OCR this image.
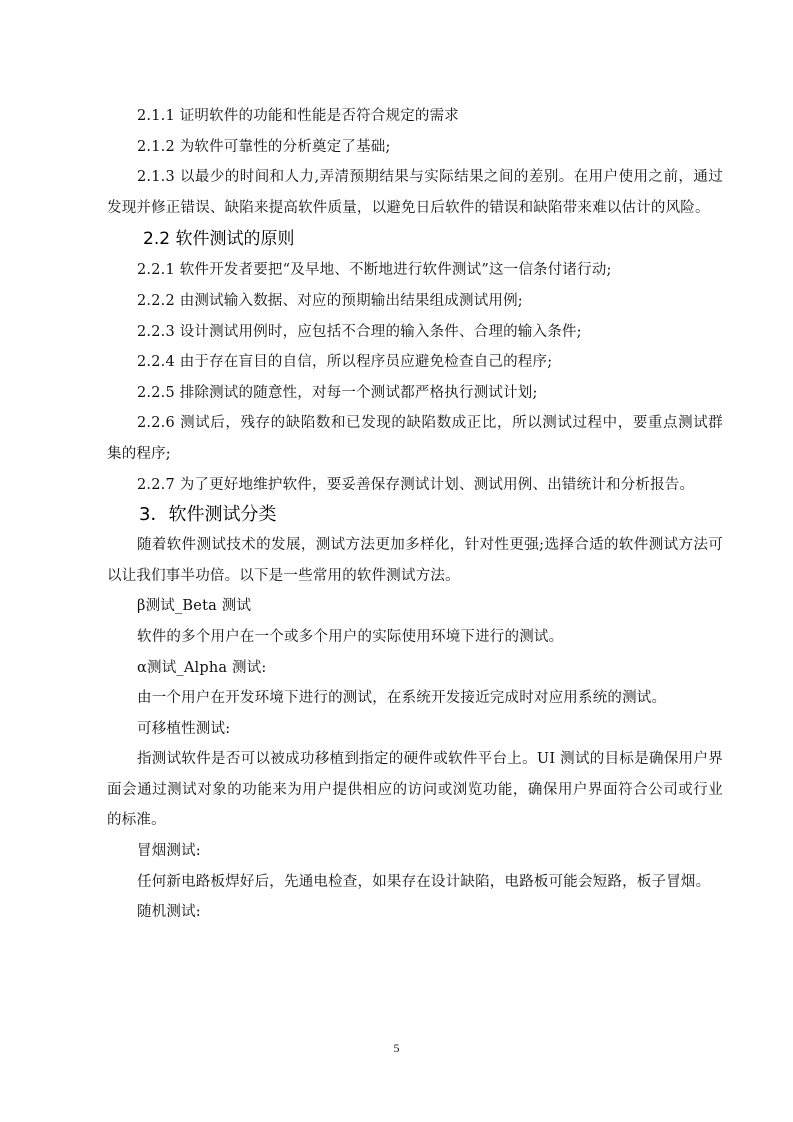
2.1.1 证明软件的功能和性能是否符合规定的需求

2.1.2 为软件可靠性的分析奠定了基础;

2.1.3 以最少的时间和人力,弄清预期结果与实际结果之间的差别。在用户使用之前，通过发现并修正错误、缺陷来提高软件质量，以避免日后软件的错误和缺陷带来难以估计的风险。

2.2 软件测试的原则

2.2.1 软件开发者要把“及早地、不断地进行软件测试”这一信条付诸行动;

2.2.2 由测试输入数据、对应的预期输出结果组成测试用例;

2.2.3 设计测试用例时，应包括不合理的输入条件、合理的输入条件;

2.2.4 由于存在盲目的自信，所以程序员应避免检查自己的程序;

2.2.5 排除测试的随意性，对每一个测试都严格执行测试计划;

2.2.6 测试后，残存的缺陷数和已发现的缺陷数成正比，所以测试过程中，要重点测试群集的程序;

2.2.7 为了更好地维护软件，要妥善保存测试计划、测试用例、出错统计和分析报告。

3．软件测试分类

随着软件测试技术的发展，测试方法更加多样化，针对性更强;选择合适的软件测试方法可以让我们事半功倍。以下是一些常用的软件测试方法。

β测试_Beta 测试

软件的多个用户在一个或多个用户的实际使用环境下进行的测试。

α测试_Alpha 测试:

由一个用户在开发环境下进行的测试，在系统开发接近完成时对应用系统的测试。

可移植性测试:

指测试软件是否可以被成功移植到指定的硬件或软件平台上。UI 测试的目标是确保用户界面会通过测试对象的功能来为用户提供相应的访问或浏览功能，确保用户界面符合公司或行业的标准。

冒烟测试:

任何新电路板焊好后，先通电检查，如果存在设计缺陷，电路板可能会短路，板子冒烟。

随机测试:

5
